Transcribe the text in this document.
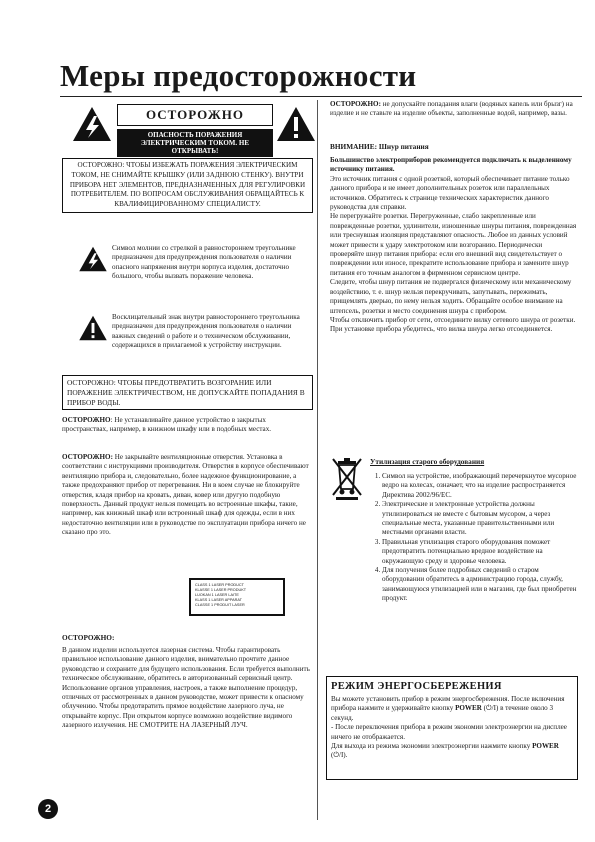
Меры предосторожности
ОСТОРОЖНО
ОПАСНОСТЬ ПОРАЖЕНИЯ ЭЛЕКТРИЧЕСКИМ ТОКОМ. НЕ ОТКРЫВАТЬ!
ОСТОРОЖНО: ЧТОБЫ ИЗБЕЖАТЬ ПОРАЖЕНИЯ ЭЛЕКТРИЧЕСКИМ ТОКОМ, НЕ СНИМАЙТЕ КРЫШКУ (ИЛИ ЗАДНЮЮ СТЕНКУ). ВНУТРИ ПРИБОРА НЕТ ЭЛЕМЕНТОВ, ПРЕДНАЗНАЧЕННЫХ ДЛЯ РЕГУЛИРОВКИ ПОТРЕБИТЕЛЕМ. ПО ВОПРОСАМ ОБСЛУЖИВАНИЯ ОБРАЩАЙТЕСЬ К КВАЛИФИЦИРОВАННОМУ СПЕЦИАЛИСТУ.
Символ молнии со стрелкой в равностороннем треугольнике предназначен для предупреждения пользователя о наличии опасного напряжения внутри корпуса изделия, достаточно большого, чтобы вызвать поражение человека.
Восклицательный знак внутри равностороннего треугольника предназначен для предупреждения пользователя о наличии важных сведений о работе и о техническом обслуживании, содержащихся в прилагаемой к устройству инструкции.
ОСТОРОЖНО: ЧТОБЫ ПРЕДОТВРАТИТЬ ВОЗГОРАНИЕ ИЛИ ПОРАЖЕНИЕ ЭЛЕКТРИЧЕСТВОМ, НЕ ДОПУСКАЙТЕ ПОПАДАНИЯ В ПРИБОР ВОДЫ.
ОСТОРОЖНО: Не устанавливайте данное устройство в закрытых пространствах, например, в книжном шкафу или в подобных местах.
ОСТОРОЖНО: Не закрывайте вентиляционные отверстия. Установка в соответствии с инструкциями производителя. Отверстия в корпусе обеспечивают вентиляцию прибора и, следовательно, более надежное функционирование, а также предохраняют прибор от перегревания. Ни в коем случае не блокируйте отверстия, кладя прибор на кровать, диван, ковер или другую подобную поверхность. Данный продукт нельзя помещать во встроенные шкафы, такие, например, как книжный шкаф или встроенный шкаф для одежды, если в них недостаточно вентиляции или в руководстве по эксплуатации прибора ничего не сказано про это.
CLASS 1 LASER PRODUCT
KLASSE 1 LASER PRODUKT
LUOKAN 1 LASER LAITE
KLASS 1 LASER APPARAT
CLASSE 1 PRODUIT LASER
ОСТОРОЖНО:
В данном изделии используется лазерная система. Чтобы гарантировать правильное использование данного изделия, внимательно прочтите данное руководство и сохраните для будущего использования. Если требуется выполнить техническое обслуживание, обратитесь в авторизованный сервисный центр. Использование органов управления, настроек, а также выполнение процедур, отличных от рассмотренных в данном руководстве, может привести к опасному облучению. Чтобы предотвратить прямое воздействие лазерного луча, не открывайте корпус. При открытом корпусе возможно воздействие видимого лазерного излучения. НЕ СМОТРИТЕ НА ЛАЗЕРНЫЙ ЛУЧ.
ОСТОРОЖНО: не допускайте попадания влаги (водяных капель или брызг) на изделие и не ставьте на изделие объекты, заполненные водой, например, вазы.
ВНИМАНИЕ: Шнур питания
Большинство электроприборов рекомендуется подключать к выделенному источнику питания.
Это источник питания с одной розеткой, который обеспечивает питание только данного прибора и не имеет дополнительных розеток или параллельных источников. Обратитесь к странице технических характеристик данного руководства для справки.
Не перегружайте розетки. Перегруженные, слабо закрепленные или поврежденные розетки, удлинители, изношенные шнуры питания, поврежденная или треснувшая изоляция представляют опасность. Любое из данных условий может привести к удару электротоком или возгоранию. Периодически проверяйте шнур питания прибора: если его внешний вид свидетельствует о повреждении или износе, прекратите использование прибора и замените шнур питания его точным аналогом в фирменном сервисном центре.
Следите, чтобы шнур питания не подвергался физическому или механическому воздействию, т. е. шнур нельзя перекручивать, запутывать, пережимать, прищемлять дверью, по нему нельзя ходить. Обращайте особое внимание на штепсель, розетки и место соединения шнура с прибором.
Чтобы отключить прибор от сети, отсоедините вилку сетевого шнура от розетки. При установке прибора убедитесь, что вилка шнура легко отсоединяется.
Утилизация старого оборудования
1. Символ на устройстве, изображающий перечеркнутое мусорное ведро на колесах, означает, что на изделие распространяется Директива 2002/96/EC.
2. Электрические и электронные устройства должны утилизироваться не вместе с бытовым мусором, а через специальные места, указанные правительственными или местными органами власти.
3. Правильная утилизация старого оборудования поможет предотвратить потенциально вредное воздействие на окружающую среду и здоровье человека.
4. Для получения более подробных сведений о старом оборудовании обратитесь в администрацию города, службу, занимающуюся утилизацией или в магазин, где был приобретен продукт.
РЕЖИМ ЭНЕРГОСБЕРЕЖЕНИЯ
Вы можете установить прибор в режим энергосбережения. После включения прибора нажмите и удерживайте кнопку POWER (⏻/I) в течение около 3 секунд.
- После переключения прибора в режим экономии электроэнергии на дисплее ничего не отображается.
Для выхода из режима экономии электроэнергии нажмите кнопку POWER (⏻/I).
2
